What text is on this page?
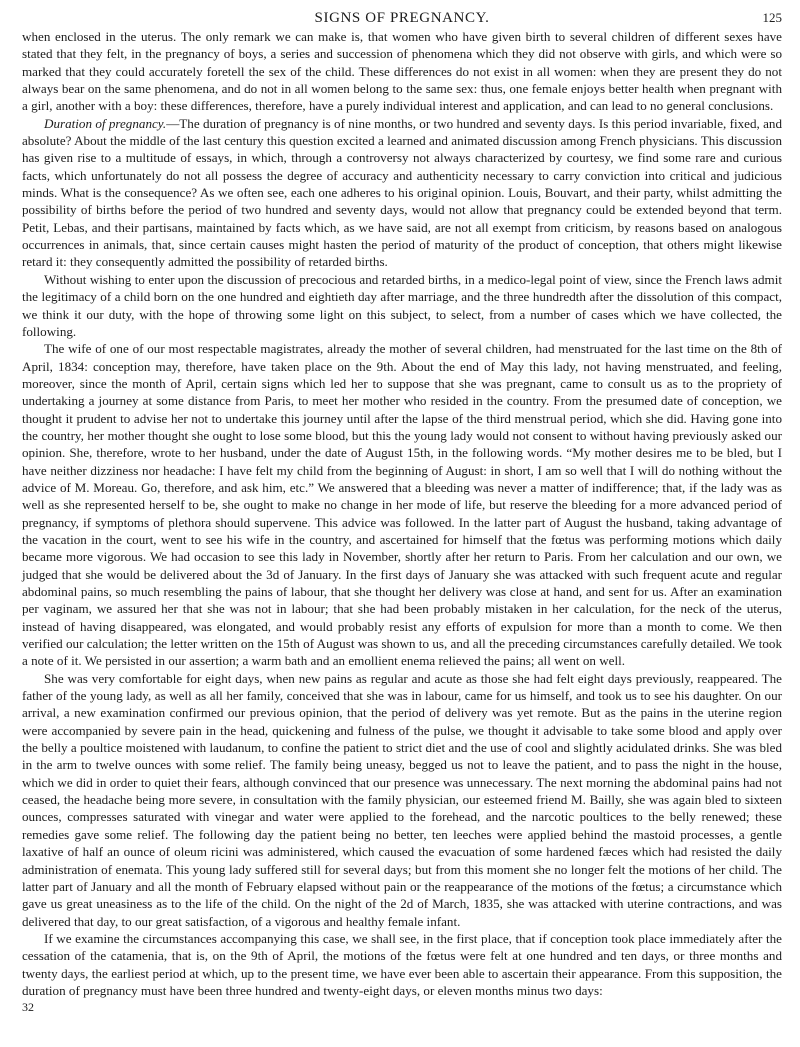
SIGNS OF PREGNANCY.	125

when enclosed in the uterus. The only remark we can make is, that women who have given birth to several children of different sexes have stated that they felt, in the pregnancy of boys, a series and succession of phenomena which they did not observe with girls, and which were so marked that they could accurately foretell the sex of the child. These differences do not exist in all women: when they are present they do not always bear on the same phenomena, and do not in all women belong to the same sex: thus, one female enjoys better health when pregnant with a girl, another with a boy: these differences, therefore, have a purely individual interest and application, and can lead to no general conclusions.

Duration of pregnancy.—The duration of pregnancy is of nine months, or two hundred and seventy days. Is this period invariable, fixed, and absolute? About the middle of the last century this question excited a learned and animated discussion among French physicians. This discussion has given rise to a multitude of essays, in which, through a controversy not always characterized by courtesy, we find some rare and curious facts, which unfortunately do not all possess the degree of accuracy and authenticity necessary to carry conviction into critical and judicious minds. What is the consequence? As we often see, each one adheres to his original opinion. Louis, Bouvart, and their party, whilst admitting the possibility of births before the period of two hundred and seventy days, would not allow that pregnancy could be extended beyond that term. Petit, Lebas, and their partisans, maintained by facts which, as we have said, are not all exempt from criticism, by reasons based on analogous occurrences in animals, that, since certain causes might hasten the period of maturity of the product of conception, that others might likewise retard it: they consequently admitted the possibility of retarded births.

Without wishing to enter upon the discussion of precocious and retarded births, in a medico-legal point of view, since the French laws admit the legitimacy of a child born on the one hundred and eightieth day after marriage, and the three hundredth after the dissolution of this compact, we think it our duty, with the hope of throwing some light on this subject, to select, from a number of cases which we have collected, the following.

The wife of one of our most respectable magistrates, already the mother of several children, had menstruated for the last time on the 8th of April, 1834: conception may, therefore, have taken place on the 9th. About the end of May this lady, not having menstruated, and feeling, moreover, since the month of April, certain signs which led her to suppose that she was pregnant, came to consult us as to the propriety of undertaking a journey at some distance from Paris, to meet her mother who resided in the country. From the presumed date of conception, we thought it prudent to advise her not to undertake this journey until after the lapse of the third menstrual period, which she did. Having gone into the country, her mother thought she ought to lose some blood, but this the young lady would not consent to without having previously asked our opinion. She, therefore, wrote to her husband, under the date of August 15th, in the following words. “My mother desires me to be bled, but I have neither dizziness nor headache: I have felt my child from the beginning of August: in short, I am so well that I will do nothing without the advice of M. Moreau. Go, therefore, and ask him, etc.” We answered that a bleeding was never a matter of indifference; that, if the lady was as well as she represented herself to be, she ought to make no change in her mode of life, but reserve the bleeding for a more advanced period of pregnancy, if symptoms of plethora should supervene. This advice was followed. In the latter part of August the husband, taking advantage of the vacation in the court, went to see his wife in the country, and ascertained for himself that the fœtus was performing motions which daily became more vigorous. We had occasion to see this lady in November, shortly after her return to Paris. From her calculation and our own, we judged that she would be delivered about the 3d of January. In the first days of January she was attacked with such frequent acute and regular abdominal pains, so much resembling the pains of labour, that she thought her delivery was close at hand, and sent for us. After an examination per vaginam, we assured her that she was not in labour; that she had been probably mistaken in her calculation, for the neck of the uterus, instead of having disappeared, was elongated, and would probably resist any efforts of expulsion for more than a month to come. We then verified our calculation; the letter written on the 15th of August was shown to us, and all the preceding circumstances carefully detailed. We took a note of it. We persisted in our assertion; a warm bath and an emollient enema relieved the pains; all went on well.

She was very comfortable for eight days, when new pains as regular and acute as those she had felt eight days previously, reappeared. The father of the young lady, as well as all her family, conceived that she was in labour, came for us himself, and took us to see his daughter. On our arrival, a new examination confirmed our previous opinion, that the period of delivery was yet remote. But as the pains in the uterine region were accompanied by severe pain in the head, quickening and fulness of the pulse, we thought it advisable to take some blood and apply over the belly a poultice moistened with laudanum, to confine the patient to strict diet and the use of cool and slightly acidulated drinks. She was bled in the arm to twelve ounces with some relief. The family being uneasy, begged us not to leave the patient, and to pass the night in the house, which we did in order to quiet their fears, although convinced that our presence was unnecessary. The next morning the abdominal pains had not ceased, the headache being more severe, in consultation with the family physician, our esteemed friend M. Bailly, she was again bled to sixteen ounces, compresses saturated with vinegar and water were applied to the forehead, and the narcotic poultices to the belly renewed; these remedies gave some relief. The following day the patient being no better, ten leeches were applied behind the mastoid processes, a gentle laxative of half an ounce of oleum ricini was administered, which caused the evacuation of some hardened fæces which had resisted the daily administration of enemata. This young lady suffered still for several days; but from this moment she no longer felt the motions of her child. The latter part of January and all the month of February elapsed without pain or the reappearance of the motions of the fœtus; a circumstance which gave us great uneasiness as to the life of the child. On the night of the 2d of March, 1835, she was attacked with uterine contractions, and was delivered that day, to our great satisfaction, of a vigorous and healthy female infant.

If we examine the circumstances accompanying this case, we shall see, in the first place, that if conception took place immediately after the cessation of the catamenia, that is, on the 9th of April, the motions of the fœtus were felt at one hundred and ten days, or three months and twenty days, the earliest period at which, up to the present time, we have ever been able to ascertain their appearance. From this supposition, the duration of pregnancy must have been three hundred and twenty-eight days, or eleven months minus two days:

32
